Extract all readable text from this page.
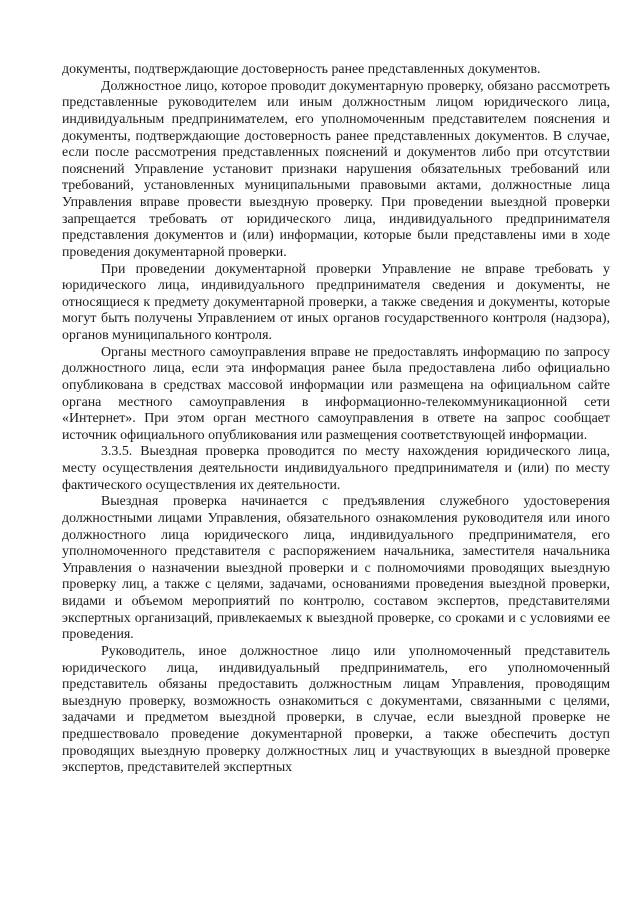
документы, подтверждающие достоверность ранее представленных документов.

Должностное лицо, которое проводит документарную проверку, обязано рассмотреть представленные руководителем или иным должностным лицом юридического лица, индивидуальным предпринимателем, его уполномоченным представителем пояснения и документы, подтверждающие достоверность ранее представленных документов. В случае, если после рассмотрения представленных пояснений и документов либо при отсутствии пояснений Управление установит признаки нарушения обязательных требований или требований, установленных муниципальными правовыми актами, должностные лица Управления вправе провести выездную проверку. При проведении выездной проверки запрещается требовать от юридического лица, индивидуального предпринимателя представления документов и (или) информации, которые были представлены ими в ходе проведения документарной проверки.

При проведении документарной проверки Управление не вправе требовать у юридического лица, индивидуального предпринимателя сведения и документы, не относящиеся к предмету документарной проверки, а также сведения и документы, которые могут быть получены Управлением от иных органов государственного контроля (надзора), органов муниципального контроля.

Органы местного самоуправления вправе не предоставлять информацию по запросу должностного лица, если эта информация ранее была предоставлена либо официально опубликована в средствах массовой информации или размещена на официальном сайте органа местного самоуправления в информационно-телекоммуникационной сети «Интернет». При этом орган местного самоуправления в ответе на запрос сообщает источник официального опубликования или размещения соответствующей информации.

3.3.5. Выездная проверка проводится по месту нахождения юридического лица, месту осуществления деятельности индивидуального предпринимателя и (или) по месту фактического осуществления их деятельности.

Выездная проверка начинается с предъявления служебного удостоверения должностными лицами Управления, обязательного ознакомления руководителя или иного должностного лица юридического лица, индивидуального предпринимателя, его уполномоченного представителя с распоряжением начальника, заместителя начальника Управления о назначении выездной проверки и с полномочиями проводящих выездную проверку лиц, а также с целями, задачами, основаниями проведения выездной проверки, видами и объемом мероприятий по контролю, составом экспертов, представителями экспертных организаций, привлекаемых к выездной проверке, со сроками и с условиями ее проведения.

Руководитель, иное должностное лицо или уполномоченный представитель юридического лица, индивидуальный предприниматель, его уполномоченный представитель обязаны предоставить должностным лицам Управления, проводящим выездную проверку, возможность ознакомиться с документами, связанными с целями, задачами и предметом выездной проверки, в случае, если выездной проверке не предшествовало проведение документарной проверки, а также обеспечить доступ проводящих выездную проверку должностных лиц и участвующих в выездной проверке экспертов, представителей экспертных
